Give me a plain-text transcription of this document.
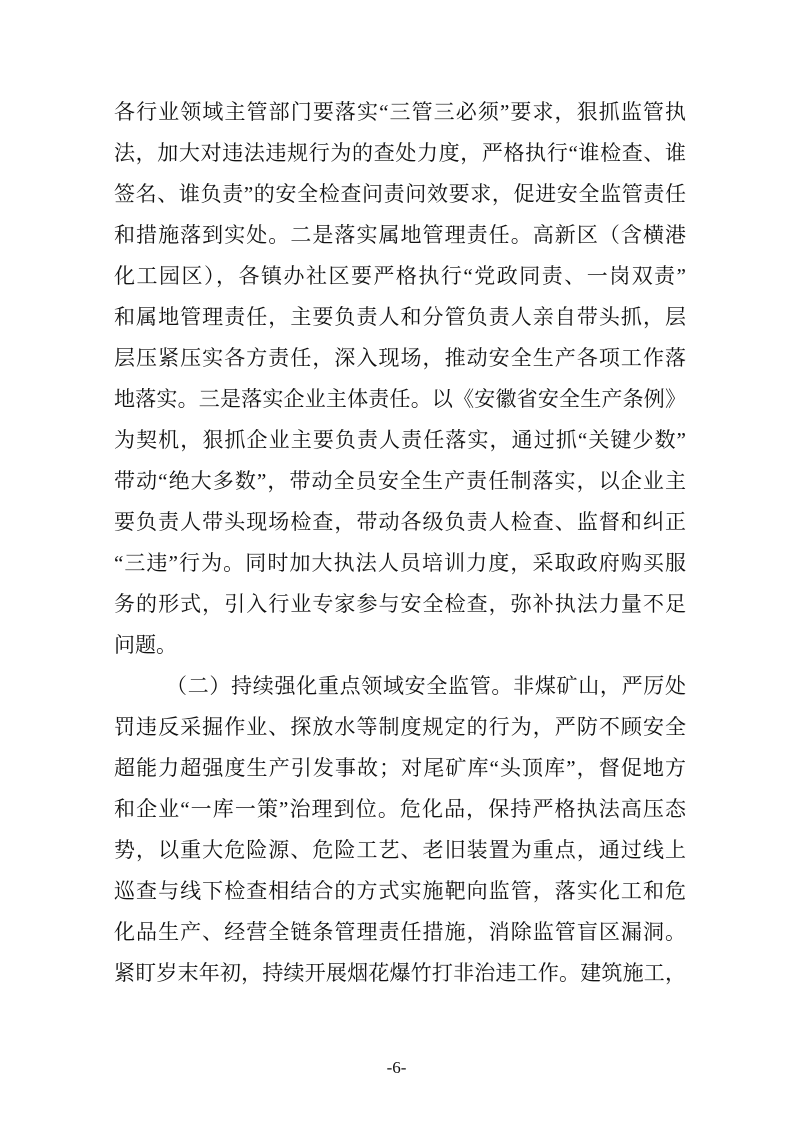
各行业领域主管部门要落实“三管三必须”要求，狠抓监管执
法，加大对违法违规行为的查处力度，严格执行“谁检查、谁
签名、谁负责”的安全检查问责问效要求，促进安全监管责任
和措施落到实处。二是落实属地管理责任。高新区（含横港
化工园区），各镇办社区要严格执行“党政同责、一岗双责”
和属地管理责任，主要负责人和分管负责人亲自带头抓，层
层压紧压实各方责任，深入现场，推动安全生产各项工作落
地落实。三是落实企业主体责任。以《安徽省安全生产条例》
为契机，狠抓企业主要负责人责任落实，通过抓“关键少数”
带动“绝大多数”，带动全员安全生产责任制落实，以企业主
要负责人带头现场检查，带动各级负责人检查、监督和纠正
“三违”行为。同时加大执法人员培训力度，采取政府购买服
务的形式，引入行业专家参与安全检查，弥补执法力量不足
问题。
（二）持续强化重点领域安全监管。非煤矿山，严厉处
罚违反采掘作业、探放水等制度规定的行为，严防不顾安全
超能力超强度生产引发事故；对尾矿库“头顶库”，督促地方
和企业“一库一策”治理到位。危化品，保持严格执法高压态
势，以重大危险源、危险工艺、老旧装置为重点，通过线上
巡查与线下检查相结合的方式实施靶向监管，落实化工和危
化品生产、经营全链条管理责任措施，消除监管盲区漏洞。
紧盯岁末年初，持续开展烟花爆竹打非治违工作。建筑施工，
-6-
